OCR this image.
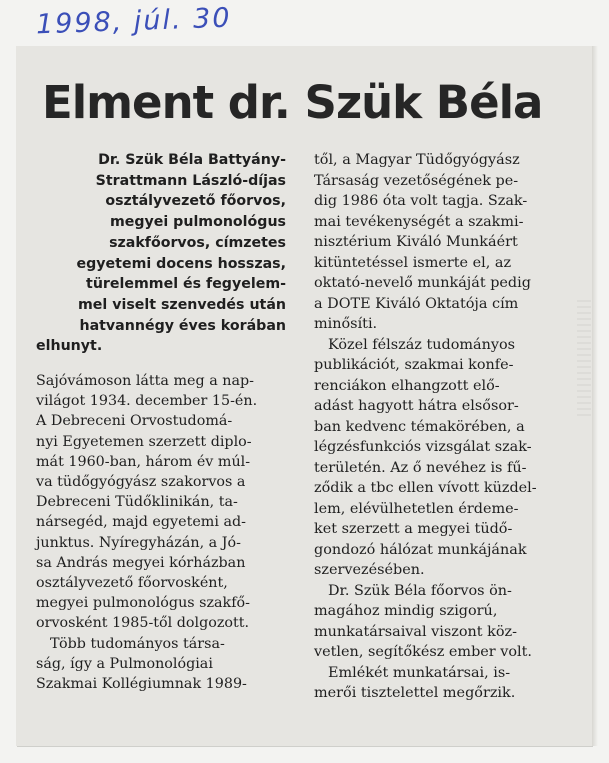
1998, júl. 30
Elment dr. Szük Béla
Dr. Szük Béla Battyány-
Strattmann László-díjas
osztályvezető főorvos,
megyei pulmonológus
szakfőorvos, címzetes
egyetemi docens hosszas,
türelemmel és fegyelem-
mel viselt szenvedés után
hatvannégy éves korában
elhunyt.

Sajóvámoson látta meg a nap-

világot 1934. december 15-én.

A Debreceni Orvostudomá-

nyi Egyetemen szerzett diplo-

mát 1960-ban, három év múl-

va tüdőgyógyász szakorvos a

Debreceni Tüdőklinikán, ta-

nársegéd, majd egyetemi ad-

junktus. Nyíregyházán, a Jó-

sa András megyei kórházban

osztályvezető főorvosként,

megyei pulmonológus szakfő-

orvosként 1985-től dolgozott.

Több tudományos társa-

ság, így a Pulmonológiai

Szakmai Kollégiumnak 1989-

től, a Magyar Tüdőgyógyász

Társaság vezetőségének pe-

dig 1986 óta volt tagja. Szak-

mai tevékenységét a szakmi-

nisztérium Kiváló Munkáért

kitüntetéssel ismerte el, az

oktató-nevelő munkáját pedig

a DOTE Kiváló Oktatója cím

minősíti.

Közel félszáz tudományos

publikációt, szakmai konfe-

renciákon elhangzott elő-

adást hagyott hátra elsősor-

ban kedvenc témakörében, a

légzésfunkciós vizsgálat szak-

területén. Az ő nevéhez is fű-

ződik a tbc ellen vívott küzdel-

lem, elévülhetetlen érdeme-

ket szerzett a megyei tüdő-

gondozó hálózat munkájának

szervezésében.

Dr. Szük Béla főorvos ön-

magához mindig szigorú,

munkatársaival viszont köz-

vetlen, segítőkész ember volt.

Emlékét munkatársai, is-

merői tisztelettel megőrzik.
